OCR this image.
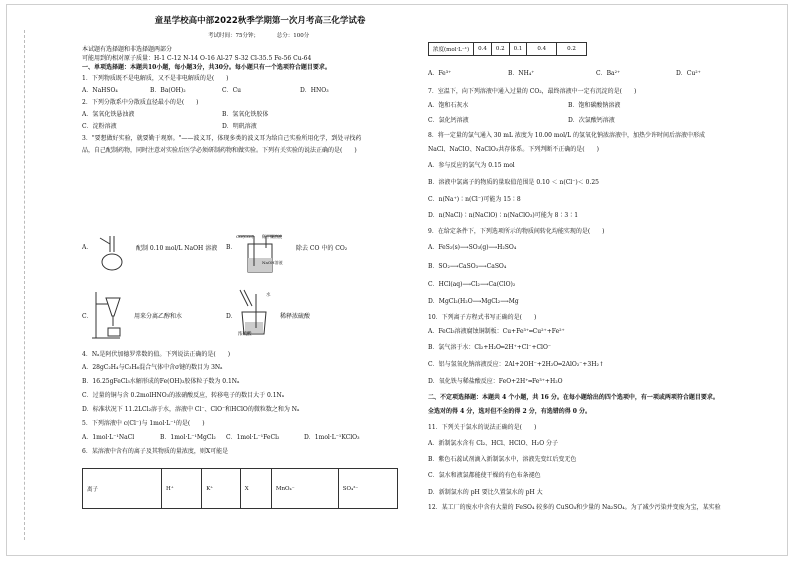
童星学校高中部2022秋季学期第一次月考高三化学试卷
考试时间：75分钟；	总分：100分
本试题有选择题和非选择题两部分
可能用到的相对原子质量：H-1 C-12 N-14 O-16 Al-27 S-32 Cl-35.5 Fe-56 Cu-64
一、单项选择题：本题共10小题，每小题3分，共30分。每小题只有一个选项符合题目要求。
1．下列物质既不是电解质，又不是非电解质的是(　　)
A．NaHSO₄	B．Ba(OH)₂	C．Cu	D．HNO₃
2．下列分散系中分散质直径最小的是(　　)
A．氢氧化铁悬浊液	B．氢氧化铁胶体
C．淀粉溶液	D．明矾溶液
3．"要想做好实验，就要勤于观察。"——波义耳，体现多类的波义耳为给自己实验所用化学，到处寻找药
品，自己配制药物，同时注意对实验后医学必须研制药物和做实验。下列有关实验的说法正确的是(　　)
A．	配制 0.10 mol/L NaOH 溶液 B．
CO(CO₂) 稀干燥溶液
NaOH溶液
除去 CO 中的 CO₂
C．	用来分离乙醇和水	D．
水
浓硫酸
稀释浓硫酸
4．Nₐ是阿伏加德罗常数的值。下列说法正确的是(　　)
A．28gC₂H₄与C₃H₆混合气体中含σ键的数目为 3Nₐ
B．16.25gFeCl₃水解形成的Fe(OH)₃胶体粒子数为 0.1Nₐ
C．过量的铜与含 0.2molHNO₃的浓硝酸反应，转移电子的数目大于 0.1Nₐ
D．标准状况下 11.2LCl₂溶于水，溶液中 Cl⁻、ClO⁻和HClO的微粒数之和为 Nₐ
5．下列溶液中 c(Cl⁻)与 1mol·L⁻¹的是(　　)
A．1mol·L⁻¹NaCl	B．1mol·L⁻¹MgCl₂ C．1mol·L⁻¹FeCl₂	D．1mol·L⁻¹KClO₃
6．某溶液中含有的离子及其物质的量浓度，则X可能是
离子	H⁺	K⁺	X	MnO₄⁻	SO₄²⁻
浓度(mol·L⁻¹)	0.4	0.2	0.1	0.4	0.2
A．Fe³⁺	B．NH₄⁺	C．Ba²⁺	D．Cu²⁺
7．室温下，向下列溶液中通入过量的 CO₂，最终溶液中一定有沉淀的是(　　)
A．饱和石灰水	B．饱和碳酸钠溶液
C．氯化钙溶液	D．次氯酸钙溶液
8．将一定量的氯气通入 30 mL 浓度为 10.00 mol/L 的氢氧化钠浓溶液中，加热少许时间后溶液中形成
NaCl、NaClO、NaClO₃共存体系。下列判断不正确的是(　　)
A．参与反应的氯气为 0.15 mol
B．溶液中氯离子的物质的量取值范围是 0.10 ＜ n(Cl⁻)＜ 0.25
C．n(Na⁺)∶n(Cl⁻)可能为 15∶8
D．n(NaCl)∶n(NaClO)∶n(NaClO₃)可能为 8∶3∶1
9．在给定条件下，下列选项所示的物质间转化均能实现的是(　　)
A．FeS₂(s)⟶SO₃(g)⟶H₂SO₄
B．SO₂⟶CaSO₃⟶CaSO₄
C．HCl(aq)⟶Cl₂⟶Ca(ClO)₂
D．MgCl₂(H₂O⟶MgCl₂⟶Mg
10．下列离子方程式书写正确的是(　　)
A．FeCl₃溶液腐蚀铜制板：Cu+Fe³⁺═Cu²⁺+Fe²⁺
B．氯气溶于水：Cl₂+H₂O═2H⁺+Cl⁻+ClO⁻
C．铝与氢氧化钠溶液反应：2Al+2OH⁻+2H₂O═2AlO₂⁻+3H₂↑
D．氧化铁与稀盐酸反应：FeO+2H⁺═Fe³⁺+H₂O
二、不定项选择题：本题共 4 个小题，共 16 分。在每小题给出的四个选项中，有一项或两项符合题目要求。
全选对的得 4 分，选对但不全的得 2 分，有选错的得 0 分。
11．下列关于氯水的说法正确的是(　　)
A．新制氯水含有 Cl₂、HCl、HClO、H₂O 分子
B．紫色石蕊试剂滴入新制氯水中，溶液先变红后变无色
C．氯水和液氯都能使干燥的有色布条褪色
D．新制氯水的 pH 要比久置氯水的 pH 大
12．某工厂的废水中含有大量的 FeSO₄ 较多的 CuSO₄和少量的 Na₂SO₄。为了减少污染并变废为宝，某实验
